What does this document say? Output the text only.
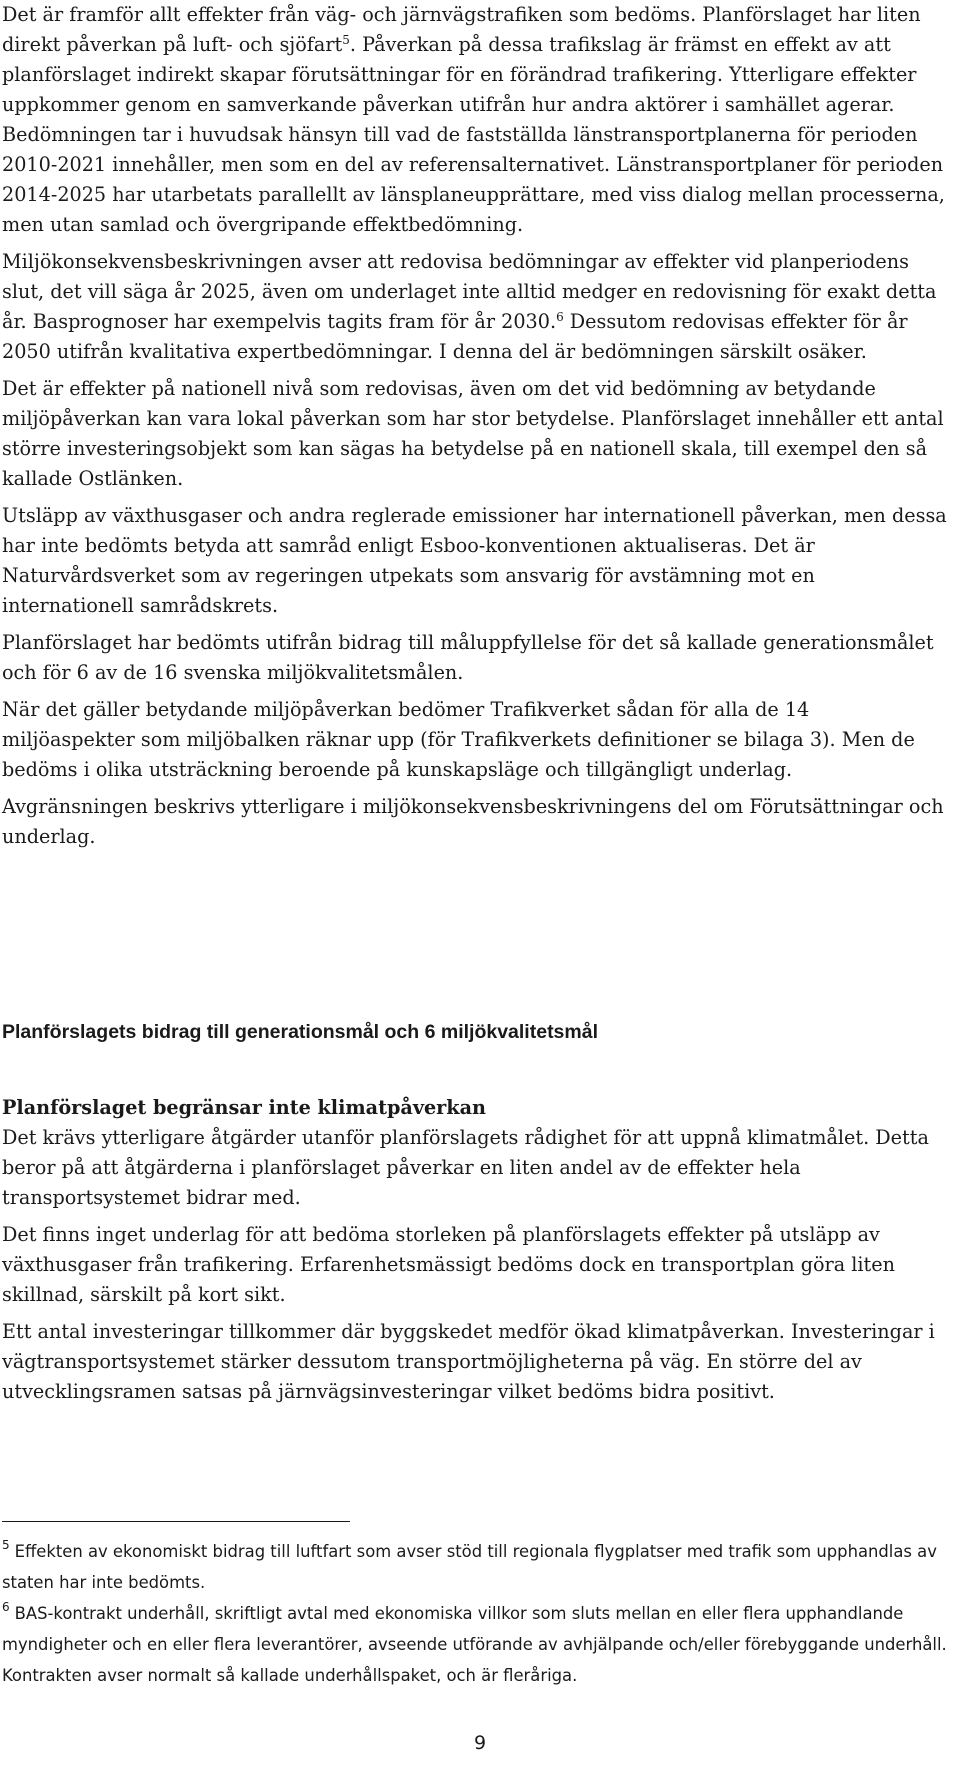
Det är framför allt effekter från väg- och järnvägstrafiken som bedöms. Planförslaget har liten direkt påverkan på luft- och sjöfart$^5$. Påverkan på dessa trafikslag är främst en effekt av att planförslaget indirekt skapar förutsättningar för en förändrad trafikering. Ytterligare effekter uppkommer genom en samverkande påverkan utifrån hur andra aktörer i samhället agerar. Bedömningen tar i huvudsak hänsyn till vad de fastställda länstransportplanerna för perioden 2010-2021 innehåller, men som en del av referensalternativet. Länstransportplaner för perioden 2014-2025 har utarbetats parallellt av länsplaneupprättare, med viss dialog mellan processerna, men utan samlad och övergripande effektbedömning.

Miljökonsekvensbeskrivningen avser att redovisa bedömningar av effekter vid planperiodens slut, det vill säga år 2025, även om underlaget inte alltid medger en redovisning för exakt detta år. Basprognoser har exempelvis tagits fram för år 2030.$^6$ Dessutom redovisas effekter för år 2050 utifrån kvalitativa expertbedömningar. I denna del är bedömningen särskilt osäker.

Det är effekter på nationell nivå som redovisas, även om det vid bedömning av betydande miljöpåverkan kan vara lokal påverkan som har stor betydelse. Planförslaget innehåller ett antal större investeringsobjekt som kan sägas ha betydelse på en nationell skala, till exempel den så kallade Ostlänken.

Utsläpp av växthusgaser och andra reglerade emissioner har internationell påverkan, men dessa har inte bedömts betyda att samråd enligt Esboo-konventionen aktualiseras. Det är Naturvårdsverket som av regeringen utpekats som ansvarig för avstämning mot en internationell samrådskrets.

Planförslaget har bedömts utifrån bidrag till måluppfyllelse för det så kallade generationsmålet och för 6 av de 16 svenska miljökvalitetsmålen.

När det gäller betydande miljöpåverkan bedömer Trafikverket sådan för alla de 14 miljöaspekter som miljöbalken räknar upp (för Trafikverkets definitioner se bilaga 3). Men de bedöms i olika utsträckning beroende på kunskapsläge och tillgängligt underlag.

Avgränsningen beskrivs ytterligare i miljökonsekvensbeskrivningens del om Förutsättningar och underlag.

Planförslagets bidrag till generationsmål och 6 miljökvalitetsmål
Planförslaget begränsar inte klimatpåverkan

Det krävs ytterligare åtgärder utanför planförslagets rådighet för att uppnå klimatmålet. Detta beror på att åtgärderna i planförslaget påverkar en liten andel av de effekter hela transportsystemet bidrar med.

Det finns inget underlag för att bedöma storleken på planförslagets effekter på utsläpp av växthusgaser från trafikering. Erfarenhetsmässigt bedöms dock en transportplan göra liten skillnad, särskilt på kort sikt.

Ett antal investeringar tillkommer där byggskedet medför ökad klimatpåverkan. Investeringar i vägtransportsystemet stärker dessutom transportmöjligheterna på väg. En större del av utvecklingsramen satsas på järnvägsinvesteringar vilket bedöms bidra positivt.

$^5$ Effekten av ekonomiskt bidrag till luftfart som avser stöd till regionala flygplatser med trafik som upphandlas av staten har inte bedömts.

$^6$ BAS-kontrakt underhåll, skriftligt avtal med ekonomiska villkor som sluts mellan en eller flera upphandlande myndigheter och en eller flera leverantörer, avseende utförande av avhjälpande och/eller förebyggande underhåll. Kontrakten avser normalt så kallade underhållspaket, och är fleråriga.

9
